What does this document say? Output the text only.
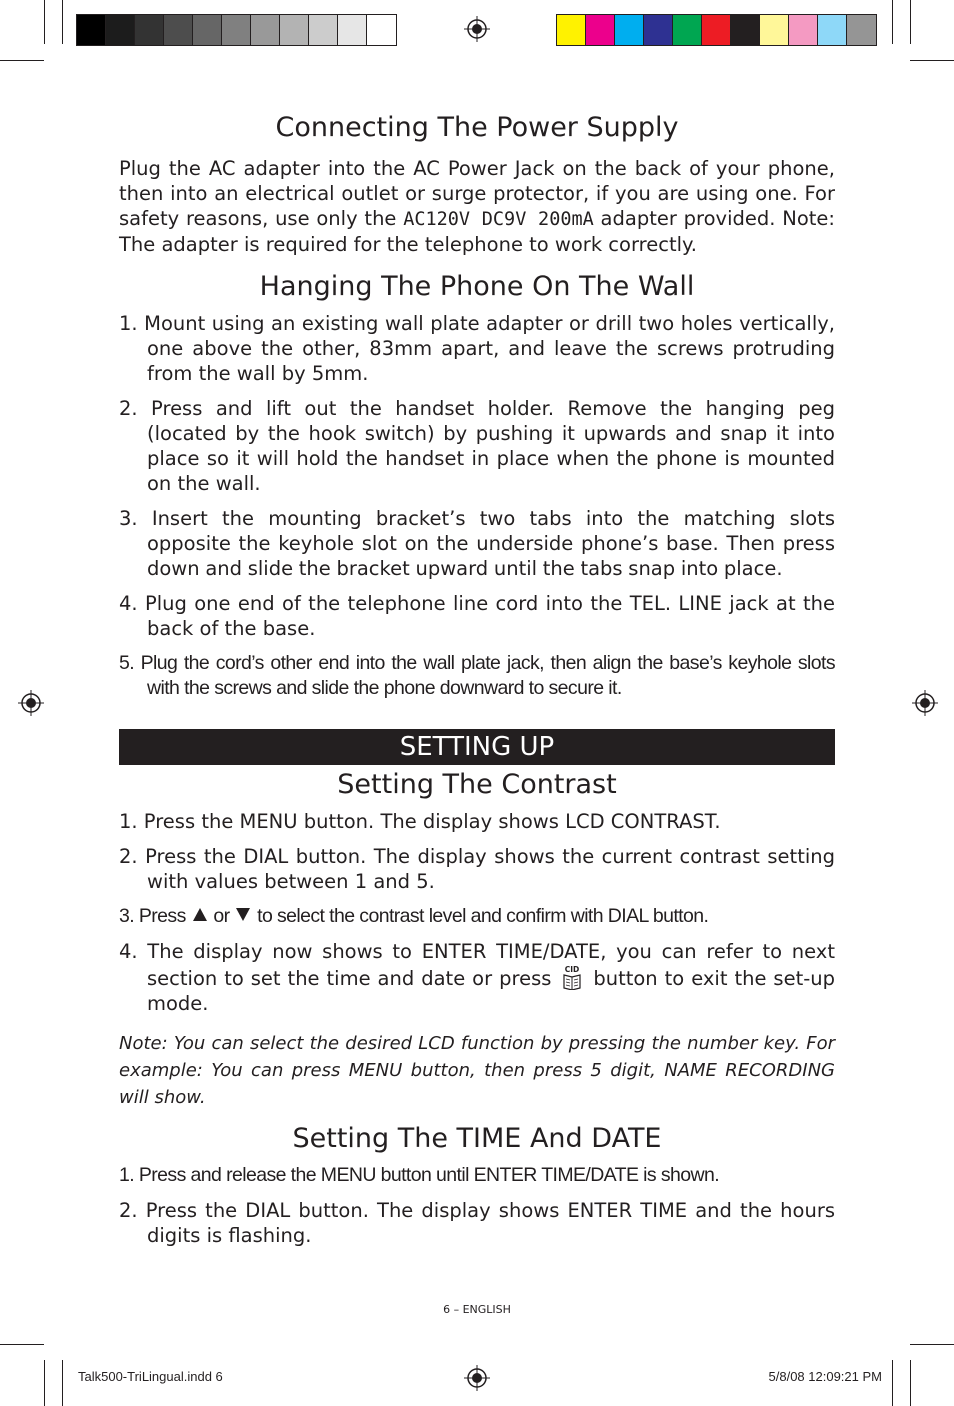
Connecting The Power Supply

Plug the AC adapter into the AC Power Jack on the back of your phone, then into an electrical outlet or surge protector, if you are using one. For safety reasons, use only the AC120V DC9V 200mA adapter provided. Note: The adapter is required for the telephone to work correctly.

Hanging The Phone On The Wall
1. Mount using an existing wall plate adapter or drill two holes vertically, one above the other, 83mm apart, and leave the screws protruding from the wall by 5mm.
2. Press and lift out the handset holder. Remove the hanging peg (located by the hook switch) by pushing it upwards and snap it into place so it will hold the handset in place when the phone is mounted on the wall.
3. Insert the mounting bracket’s two tabs into the matching slots opposite the keyhole slot on the underside phone’s base. Then press down and slide the bracket upward until the tabs snap into place.
4. Plug one end of the telephone line cord into the TEL. LINE jack at the back of the base.
5. Plug the cord’s other end into the wall plate jack, then align the base’s keyhole slots with the screws and slide the phone downward to secure it.
SETTING UP
Setting The Contrast
1. Press the MENU button. The display shows LCD CONTRAST.
2. Press the DIAL button. The display shows the current contrast setting with values between 1 and 5.
3. Press  or  to select the contrast level and confirm with DIAL button.
4. The display now shows to ENTER TIME/DATE, you can refer to next section to set the time and date or press CID button to exit the set-up mode.

Note: You can select the desired LCD function by pressing the number key. For example: You can press MENU button, then press 5 digit, NAME RECORDING will show.

Setting The TIME And DATE
1. Press and release the MENU button until ENTER TIME/DATE is shown.
2. Press the DIAL button. The display shows ENTER TIME and the hours digits is flashing.
6 – ENGLISH
Talk500-TriLingual.indd 6	5/8/08 12:09:21 PM
